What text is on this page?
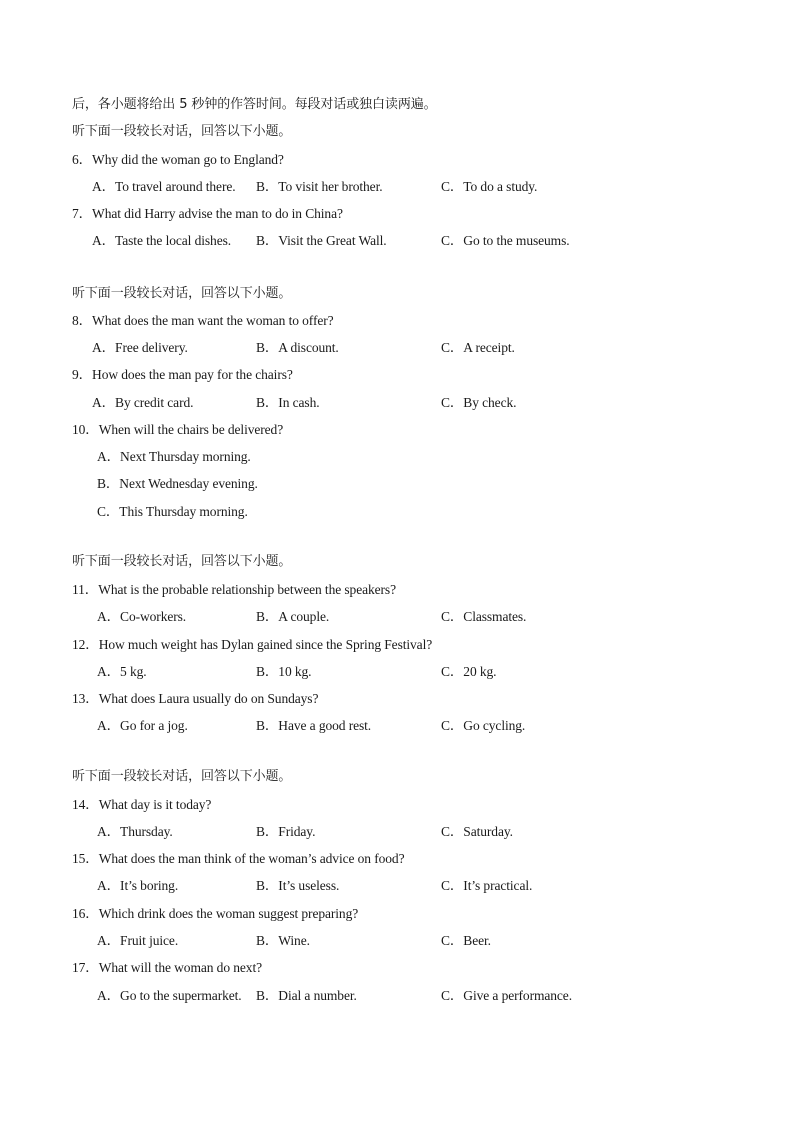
后，各小题将给出 5 秒钟的作答时间。每段对话或独白读两遍。
听下面一段较长对话，回答以下小题。
6．Why did the woman go to England?
A．To travel around there. B．To visit her brother.	C．To do a study.
7．What did Harry advise the man to do in China?
A．Taste the local dishes. B．Visit the Great Wall.	C．Go to the museums.
听下面一段较长对话，回答以下小题。
8．What does the man want the woman to offer?
A．Free delivery.	B．A discount.	C．A receipt.
9．How does the man pay for the chairs?
A．By credit card.	B．In cash.	C．By check.
10．When will the chairs be delivered?
A．Next Thursday morning.
B．Next Wednesday evening.
C．This Thursday morning.
听下面一段较长对话，回答以下小题。
11．What is the probable relationship between the speakers?
A．Co-workers.	B．A couple.	C．Classmates.
12．How much weight has Dylan gained since the Spring Festival?
A．5 kg.	B．10 kg.	C．20 kg.
13．What does Laura usually do on Sundays?
A．Go for a jog.	B．Have a good rest.	C．Go cycling.
听下面一段较长对话，回答以下小题。
14．What day is it today?
A．Thursday.	B．Friday.	C．Saturday.
15．What does the man think of the woman’s advice on food?
A．It’s boring.	B．It’s useless.	C．It’s practical.
16．Which drink does the woman suggest preparing?
A．Fruit juice.	B．Wine.	C．Beer.
17．What will the woman do next?
A．Go to the supermarket. B．Dial a number.	C．Give a performance.
